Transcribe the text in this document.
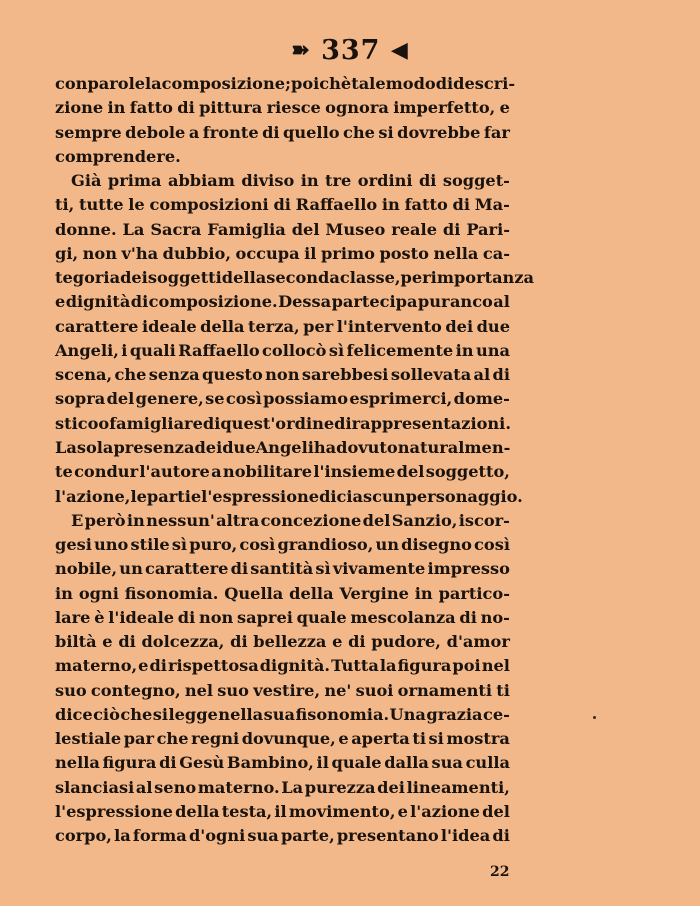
➽ 337 ◀
con parole la composizione; poichè tale modo di descri-
zione in fatto di pittura riesce ognora imperfetto, e
sempre debole a fronte di quello che si dovrebbe far
comprendere.
Già prima abbiam diviso in tre ordini di sogget-
ti, tutte le composizioni di Raffaello in fatto di Ma-
donne. La Sacra Famiglia del Museo reale di Pari-
gi, non v'ha dubbio, occupa il primo posto nella ca-
tegoria dei soggetti della seconda classe, per importanza
e dignità di composizione. Dessa partecipa pur anco al
carattere ideale della terza, per l'intervento dei due
Angeli, i quali Raffaello collocò sì felicemente in una
scena, che senza questo non sarebbesi sollevata al di
sopra del genere, se così possiamo esprimerci, dome-
stico o famigliare di quest' ordine di rappresentazioni.
La sola presenza dei due Angeli ha dovuto naturalmen-
te condur l'autore a nobilitare l'insieme del soggetto,
l'azione, le parti e l'espressione di ciascun personaggio.
E però in nessun' altra concezione del Sanzio, iscor-
gesi uno stile sì puro, così grandioso, un disegno così
nobile, un carattere di santità sì vivamente impresso
in ogni fisonomia. Quella della Vergine in partico-
lare è l'ideale di non saprei quale mescolanza di no-
biltà e di dolcezza, di bellezza e di pudore, d'amor
materno, e di rispettosa dignità. Tutta la figura poi nel
suo contegno, nel suo vestire, ne' suoi ornamenti ti
dice ciò che si legge nella sua fisonomia. Una grazia ce-
lestiale par che regni dovunque, e aperta ti si mostra
nella figura di Gesù Bambino, il quale dalla sua culla
slanciasi al seno materno. La purezza dei lineamenti,
l'espressione della testa, il movimento, e l'azione del
corpo, la forma d'ogni sua parte, presentano l'idea di
22
